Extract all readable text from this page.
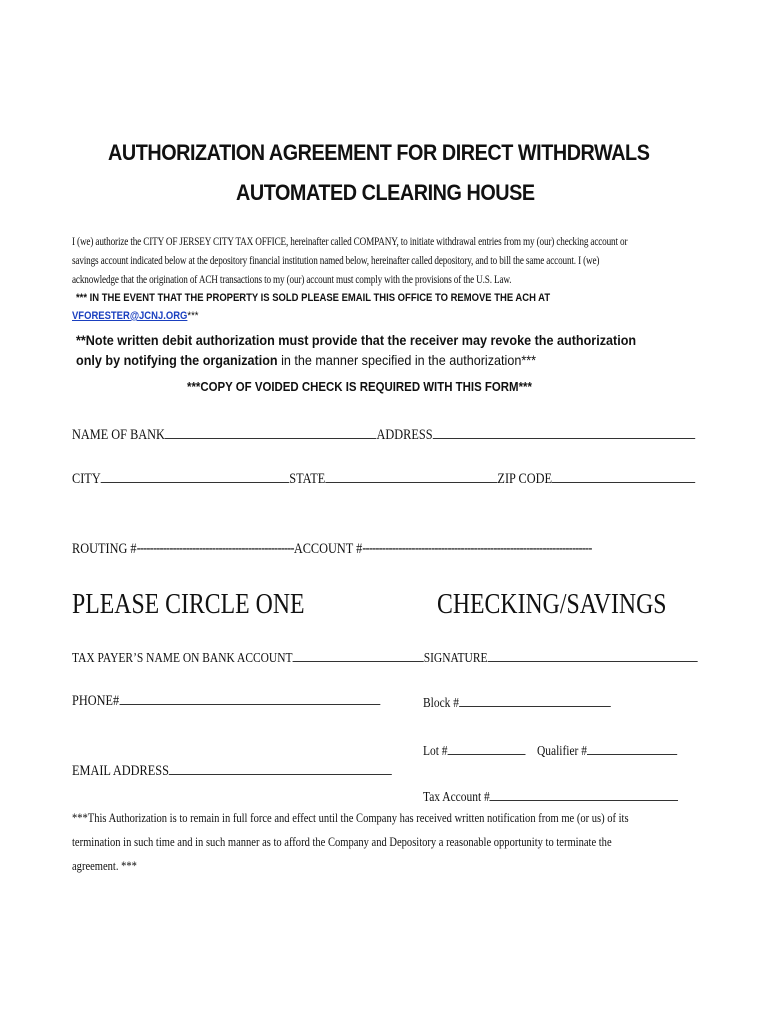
AUTHORIZATION AGREEMENT FOR DIRECT WITHDRWALS
AUTOMATED CLEARING HOUSE
I (we) authorize the CITY OF JERSEY CITY TAX OFFICE, hereinafter called COMPANY, to initiate withdrawal entries from my (our) checking account or
savings account indicated below at the depository financial institution named below, hereinafter called depository, and to bill the same account. I (we)
acknowledge that the origination of ACH transactions to my (our) account must comply with the provisions of the U.S. Law.
*** IN THE EVENT THAT THE PROPERTY IS SOLD PLEASE EMAIL THIS OFFICE TO REMOVE THE ACH AT
VFORESTER@JCNJ.ORG***
**Note written debit authorization must provide that the receiver may revoke the authorization
only by notifying the organization in the manner specified in the authorization***
***COPY OF VOIDED CHECK IS REQUIRED WITH THIS FORM***
NAME OF BANK	ADDRESS
CITY	STATE	ZIP CODE
ROUTING #------------------------------------------------ACCOUNT #----------------------------------------------------------------------
PLEASE CIRCLE ONE	CHECKING/SAVINGS
TAX PAYER’S NAME ON BANK ACCOUNT	SIGNATURE
PHONE#	Block #
Lot #	Qualifier #
EMAIL ADDRESS
Tax Account #
***This Authorization is to remain in full force and effect until the Company has received written notification from me (or us) of its
termination in such time and in such manner as to afford the Company and Depository a reasonable opportunity to terminate the
agreement. ***
